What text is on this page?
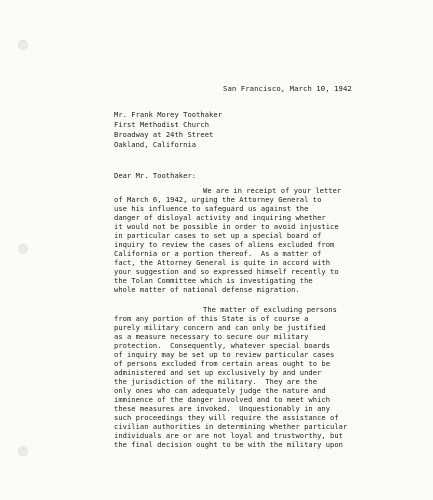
San Francisco, March 10, 1942
Mr. Frank Morey Toothaker
First Methodist Church
Broadway at 24th Street
Oakland, California
Dear Mr. Toothaker:
We are in receipt of your letter
of March 6, 1942, urging the Attorney General to
use his influence to safeguard us against the
danger of disloyal activity and inquiring whether
it would not be possible in order to avoid injustice
in particular cases to set up a special board of
inquiry to review the cases of aliens excluded from
California or a portion thereof.  As a matter of
fact, the Attorney General is quite in accord with
your suggestion and so expressed himself recently to
the Tolan Committee which is investigating the
whole matter of national defense migration.
The matter of excluding persons
from any portion of this State is of course a
purely military concern and can only be justified
as a measure necessary to secure our military
protection.  Consequently, whatever special boards
of inquiry may be set up to review particular cases
of persons excluded from certain areas ought to be
administered and set up exclusively by and under
the jurisdiction of the military.  They are the
only ones who can adequately judge the nature and
imminence of the danger involved and to meet which
these measures are invoked.  Unquestionably in any
such proceedings they will require the assistance of
civilian authorities in determining whether particular
individuals are or are not loyal and trustworthy, but
the final decision ought to be with the military upon
